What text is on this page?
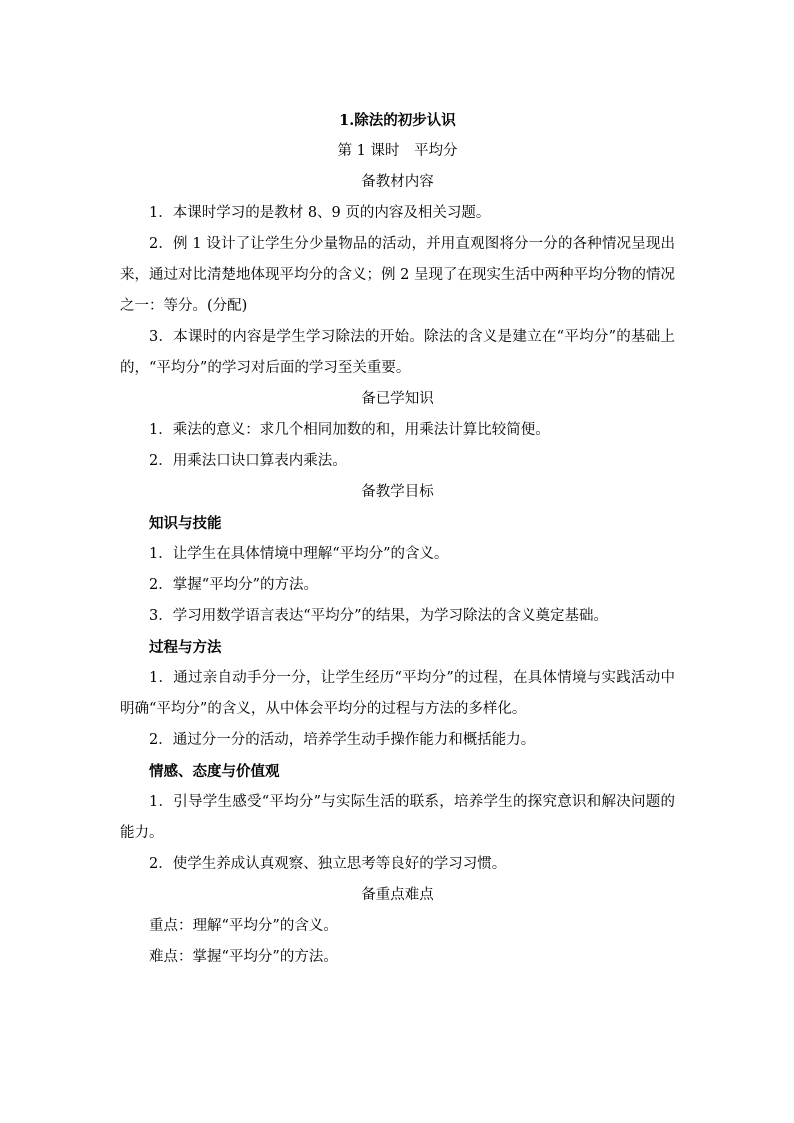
1.除法的初步认识
第 1 课时　平均分
备教材内容
1．本课时学习的是教材 8、9 页的内容及相关习题。
2．例 1 设计了让学生分少量物品的活动，并用直观图将分一分的各种情况呈现出来，通过对比清楚地体现平均分的含义；例 2 呈现了在现实生活中两种平均分物的情况之一：等分。(分配)
3．本课时的内容是学生学习除法的开始。除法的含义是建立在“平均分”的基础上的，“平均分”的学习对后面的学习至关重要。
备已学知识
1．乘法的意义：求几个相同加数的和，用乘法计算比较简便。
2．用乘法口诀口算表内乘法。
备教学目标
知识与技能
1．让学生在具体情境中理解“平均分”的含义。
2．掌握“平均分”的方法。
3．学习用数学语言表达“平均分”的结果，为学习除法的含义奠定基础。
过程与方法
1．通过亲自动手分一分，让学生经历“平均分”的过程，在具体情境与实践活动中明确“平均分”的含义，从中体会平均分的过程与方法的多样化。
2．通过分一分的活动，培养学生动手操作能力和概括能力。
情感、态度与价值观
1．引导学生感受“平均分”与实际生活的联系，培养学生的探究意识和解决问题的能力。
2．使学生养成认真观察、独立思考等良好的学习习惯。
备重点难点
重点：理解“平均分”的含义。
难点：掌握“平均分”的方法。
